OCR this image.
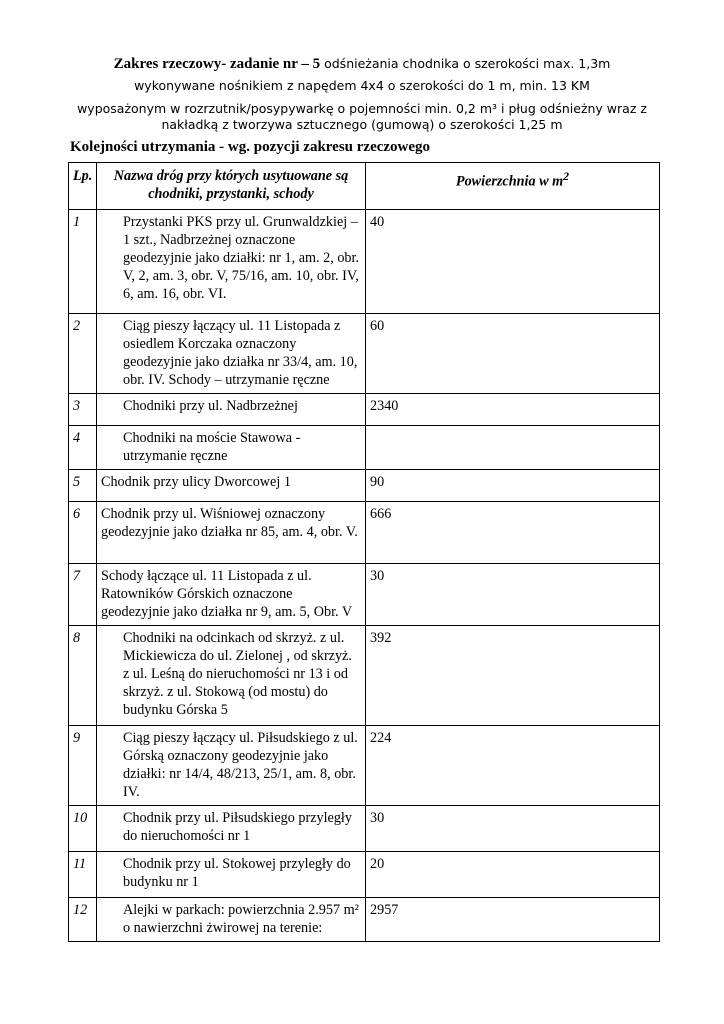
Zakres rzeczowy- zadanie nr – 5 odśnieżania chodnika o szerokości max. 1,3m
wykonywane nośnikiem z napędem 4x4 o szerokości do 1 m, min. 13 KM
wyposażonym w rozrzutnik/posypywarkę o pojemności min. 0,2 m³ i pług odśnieżny wraz z nakładką z tworzywa sztucznego (gumową) o szerokości 1,25 m
Kolejności utrzymania - wg. pozycji zakresu rzeczowego
Lp.	Nazwa dróg przy których usytuowane są chodniki, przystanki, schody	Powierzchnia w $m^2$
1	Przystanki PKS przy ul. Grunwaldzkiej – 1 szt., Nadbrzeżnej oznaczone geodezyjnie jako działki: nr 1, am. 2, obr. V, 2, am. 3, obr. V, 75/16, am. 10, obr. IV, 6, am. 16, obr. VI.	40
2	Ciąg pieszy łączący ul. 11 Listopada z osiedlem Korczaka oznaczony geodezyjnie jako działka nr 33/4, am. 10, obr. IV. Schody – utrzymanie ręczne	60
3	Chodniki przy ul. Nadbrzeżnej	2340
4	Chodniki na moście Stawowa - utrzymanie ręczne	
5	Chodnik przy ulicy Dworcowej 1	90
6	Chodnik przy ul. Wiśniowej oznaczony geodezyjnie jako działka nr 85, am. 4, obr. V.	666
7	Schody łączące ul. 11 Listopada z ul. Ratowników Górskich oznaczone geodezyjnie jako działka nr 9, am. 5, Obr. V	30
8	Chodniki na odcinkach od skrzyż. z ul. Mickiewicza do ul. Zielonej , od skrzyż. z ul. Leśną do nieruchomości nr 13 i od skrzyż. z ul. Stokową (od mostu) do budynku Górska 5	392
9	Ciąg pieszy łączący ul. Piłsudskiego z ul. Górską oznaczony geodezyjnie jako działki: nr 14/4, 48/213, 25/1, am. 8, obr. IV.	224
10	Chodnik przy ul. Piłsudskiego przyległy do nieruchomości nr 1	30
11	Chodnik przy ul. Stokowej przyległy do budynku nr 1	20
12	Alejki w parkach: powierzchnia 2.957 m² o nawierzchni żwirowej na terenie:	2957
